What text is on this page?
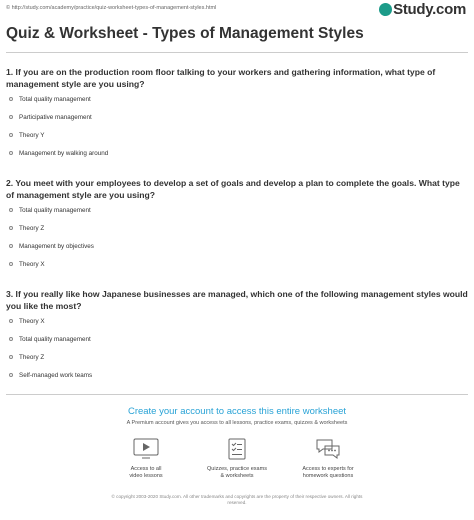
© http://study.com/academy/practice/quiz-worksheet-types-of-management-styles.html	Study.com
Quiz & Worksheet - Types of Management Styles
1. If you are on the production room floor talking to your workers and gathering information, what type of management style are you using?
Total quality management
Participative management
Theory Y
Management by walking around
2. You meet with your employees to develop a set of goals and develop a plan to complete the goals. What type of management style are you using?
Total quality management
Theory Z
Management by objectives
Theory X
3. If you really like how Japanese businesses are managed, which one of the following management styles would you like the most?
Theory X
Total quality management
Theory Z
Self-managed work teams
Create your account to access this entire worksheet
A Premium account gives you access to all lessons, practice exams, quizzes & worksheets
Access to all
video lessons
Quizzes, practice exams
& worksheets
Access to experts for
homework questions
© copyright 2003-2020 Study.com. All other trademarks and copyrights are the property of their respective owners. All rights
reserved.
